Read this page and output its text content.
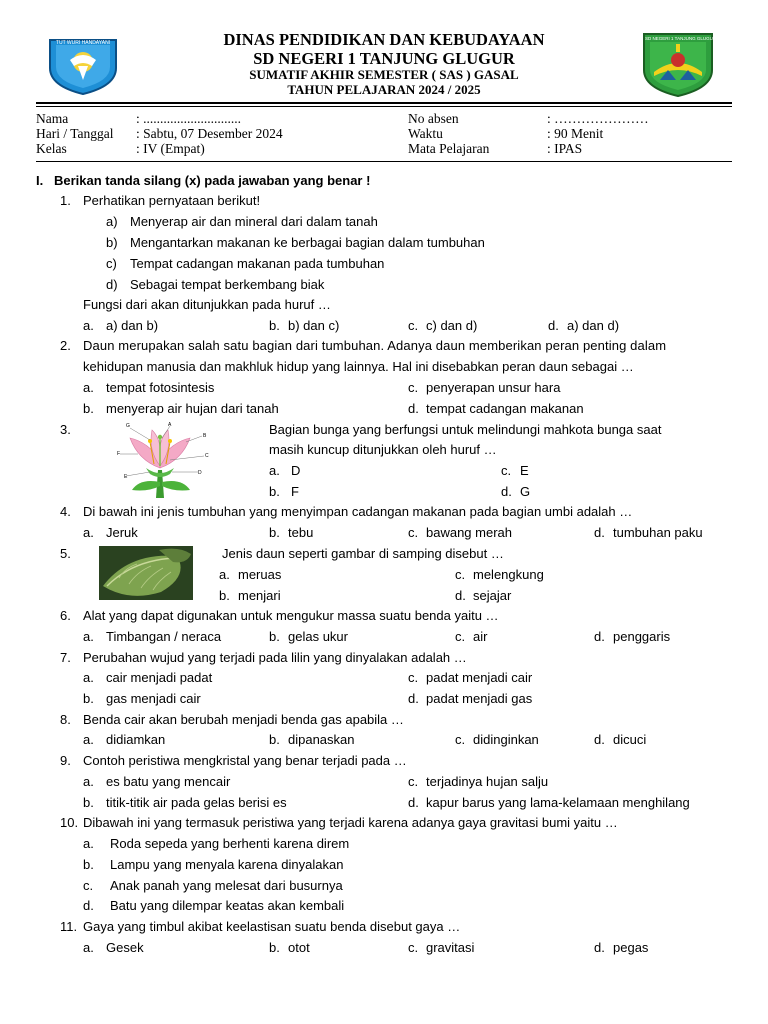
TUT WURI HANDAYANI
SD NEGERI 1 TANJUNG GLUGUR
DINAS PENDIDIKAN DAN KEBUDAYAAN
SD NEGERI 1 TANJUNG GLUGUR
SUMATIF AKHIR SEMESTER ( SAS ) GASAL
TAHUN PELAJARAN 2024 / 2025
Nama	: .............................
Hari / Tanggal : Sabtu, 07 Desember 2024
Kelas	: IV (Empat)
No absen	: …………………
Waktu	: 90 Menit
Mata Pelajaran	: IPAS
I. Berikan tanda silang (x) pada jawaban yang benar !
1. Perhatikan pernyataan berikut!
a) Menyerap air dan mineral dari dalam tanah
b) Mengantarkan makanan ke berbagai bagian dalam tumbuhan
c) Tempat cadangan makanan pada tumbuhan
d) Sebagai tempat berkembang biak
Fungsi dari akan ditunjukkan pada huruf …
a. a) dan b)	b. b) dan c)	c. c) dan d)	d. a) dan d)
2. Daun merupakan salah satu bagian dari tumbuhan. Adanya daun memberikan peran penting dalam
kehidupan manusia dan makhluk hidup yang lainnya. Hal ini disebabkan peran daun sebagai …
a. tempat fotosintesis	c. penyerapan unsur hara
b. menyerap air hujan dari tanah	d. tempat cadangan makanan
3.	G	A
B
F	C
D
E
Bagian bunga yang berfungsi untuk melindungi mahkota bunga saat
masih kuncup ditunjukkan oleh huruf …
a. D	c. E
b. F	d. G
4. Di bawah ini jenis tumbuhan yang menyimpan cadangan makanan pada bagian umbi adalah …
a. Jeruk	b. tebu	c. bawang merah	d. tumbuhan paku
5.	Jenis daun seperti gambar di samping disebut …
a. meruas	c. melengkung
b. menjari	d. sejajar
6. Alat yang dapat digunakan untuk mengukur massa suatu benda yaitu …
a. Timbangan / neraca	b. gelas ukur	c. air	d. penggaris
7. Perubahan wujud yang terjadi pada lilin yang dinyalakan adalah …
a. cair menjadi padat	c. padat menjadi cair
b. gas menjadi cair	d. padat menjadi gas
8. Benda cair akan berubah menjadi benda gas apabila …
a. didiamkan	b. dipanaskan	c. didinginkan	d. dicuci
9. Contoh peristiwa mengkristal yang benar terjadi pada …
a. es batu yang mencair	c. terjadinya hujan salju
b. titik-titik air pada gelas berisi es	d. kapur barus yang lama-kelamaan menghilang
10. Dibawah ini yang termasuk peristiwa yang terjadi karena adanya gaya gravitasi bumi yaitu …
a. Roda sepeda yang berhenti karena direm
b. Lampu yang menyala karena dinyalakan
c. Anak panah yang melesat dari busurnya
d. Batu yang dilempar keatas akan kembali
11. Gaya yang timbul akibat keelastisan suatu benda disebut gaya …
a. Gesek	b. otot	c. gravitasi	d. pegas
